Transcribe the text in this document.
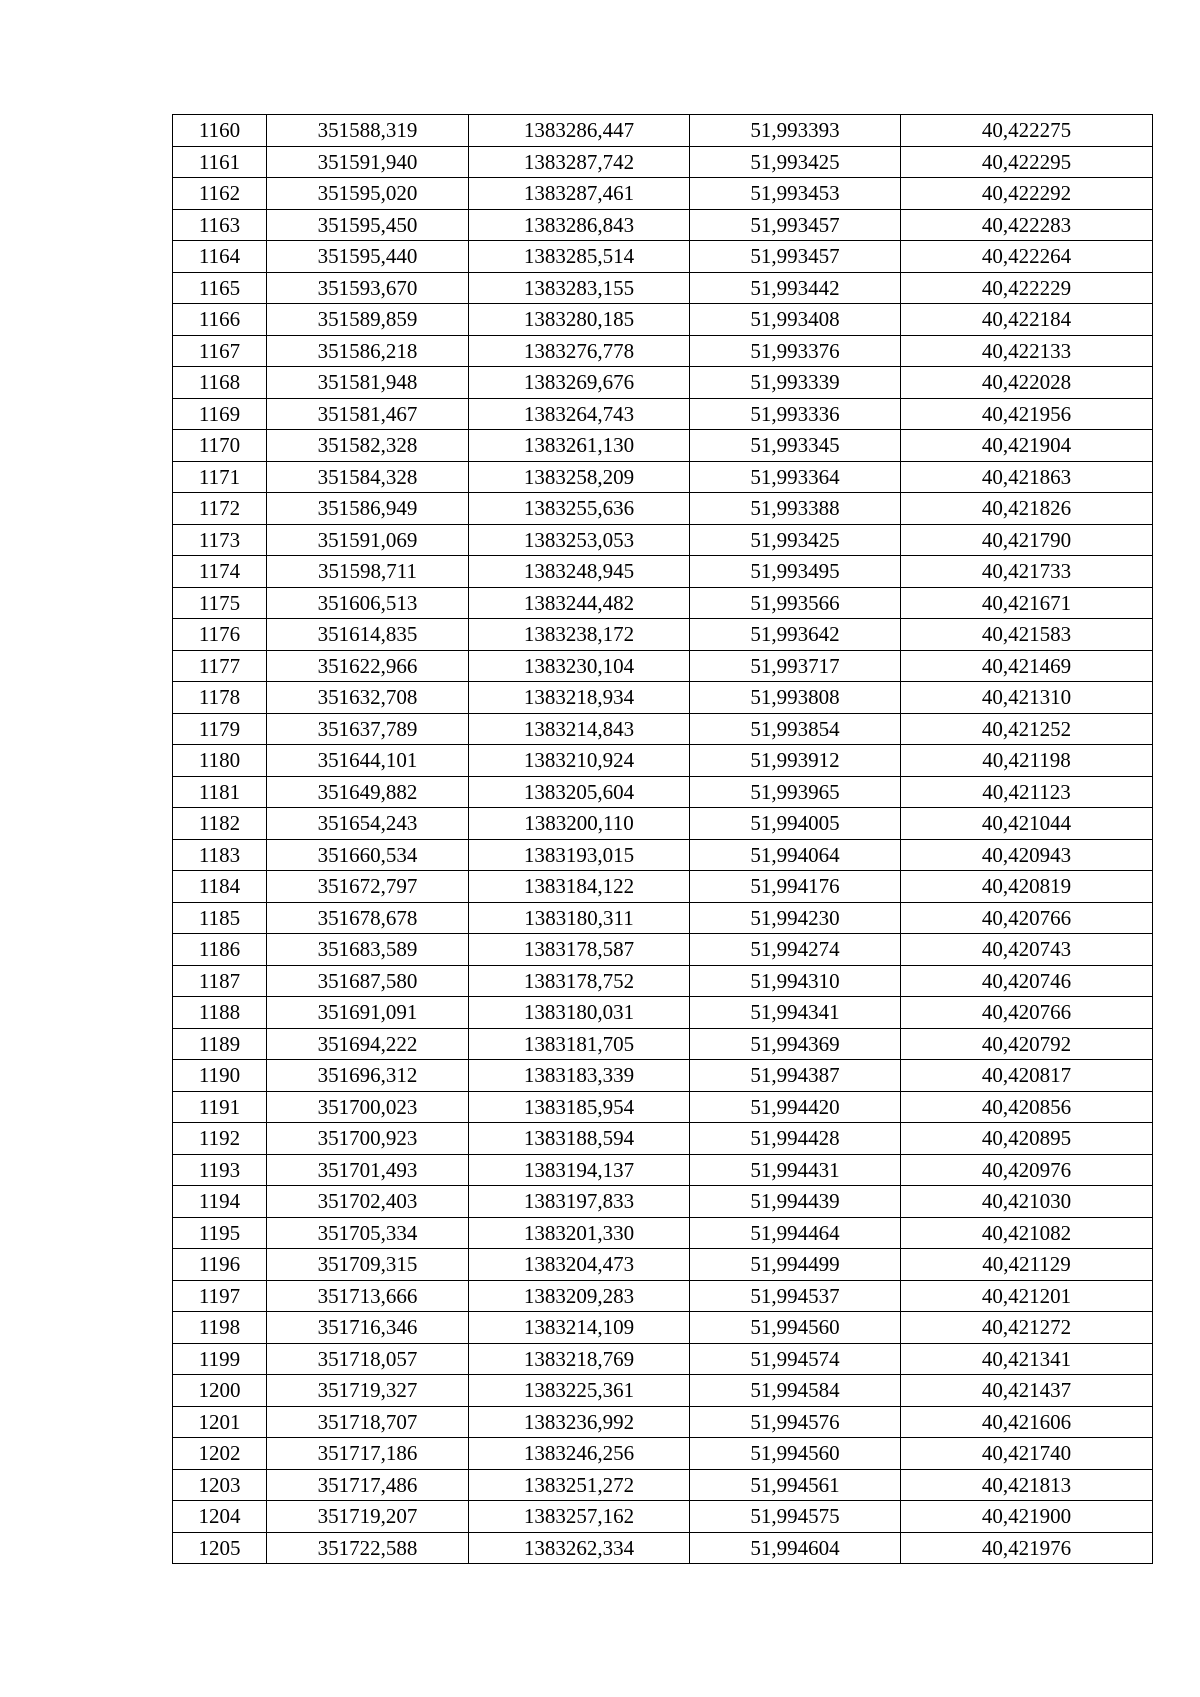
1160	351588,319	1383286,447	51,993393	40,422275
1161	351591,940	1383287,742	51,993425	40,422295
1162	351595,020	1383287,461	51,993453	40,422292
1163	351595,450	1383286,843	51,993457	40,422283
1164	351595,440	1383285,514	51,993457	40,422264
1165	351593,670	1383283,155	51,993442	40,422229
1166	351589,859	1383280,185	51,993408	40,422184
1167	351586,218	1383276,778	51,993376	40,422133
1168	351581,948	1383269,676	51,993339	40,422028
1169	351581,467	1383264,743	51,993336	40,421956
1170	351582,328	1383261,130	51,993345	40,421904
1171	351584,328	1383258,209	51,993364	40,421863
1172	351586,949	1383255,636	51,993388	40,421826
1173	351591,069	1383253,053	51,993425	40,421790
1174	351598,711	1383248,945	51,993495	40,421733
1175	351606,513	1383244,482	51,993566	40,421671
1176	351614,835	1383238,172	51,993642	40,421583
1177	351622,966	1383230,104	51,993717	40,421469
1178	351632,708	1383218,934	51,993808	40,421310
1179	351637,789	1383214,843	51,993854	40,421252
1180	351644,101	1383210,924	51,993912	40,421198
1181	351649,882	1383205,604	51,993965	40,421123
1182	351654,243	1383200,110	51,994005	40,421044
1183	351660,534	1383193,015	51,994064	40,420943
1184	351672,797	1383184,122	51,994176	40,420819
1185	351678,678	1383180,311	51,994230	40,420766
1186	351683,589	1383178,587	51,994274	40,420743
1187	351687,580	1383178,752	51,994310	40,420746
1188	351691,091	1383180,031	51,994341	40,420766
1189	351694,222	1383181,705	51,994369	40,420792
1190	351696,312	1383183,339	51,994387	40,420817
1191	351700,023	1383185,954	51,994420	40,420856
1192	351700,923	1383188,594	51,994428	40,420895
1193	351701,493	1383194,137	51,994431	40,420976
1194	351702,403	1383197,833	51,994439	40,421030
1195	351705,334	1383201,330	51,994464	40,421082
1196	351709,315	1383204,473	51,994499	40,421129
1197	351713,666	1383209,283	51,994537	40,421201
1198	351716,346	1383214,109	51,994560	40,421272
1199	351718,057	1383218,769	51,994574	40,421341
1200	351719,327	1383225,361	51,994584	40,421437
1201	351718,707	1383236,992	51,994576	40,421606
1202	351717,186	1383246,256	51,994560	40,421740
1203	351717,486	1383251,272	51,994561	40,421813
1204	351719,207	1383257,162	51,994575	40,421900
1205	351722,588	1383262,334	51,994604	40,421976
